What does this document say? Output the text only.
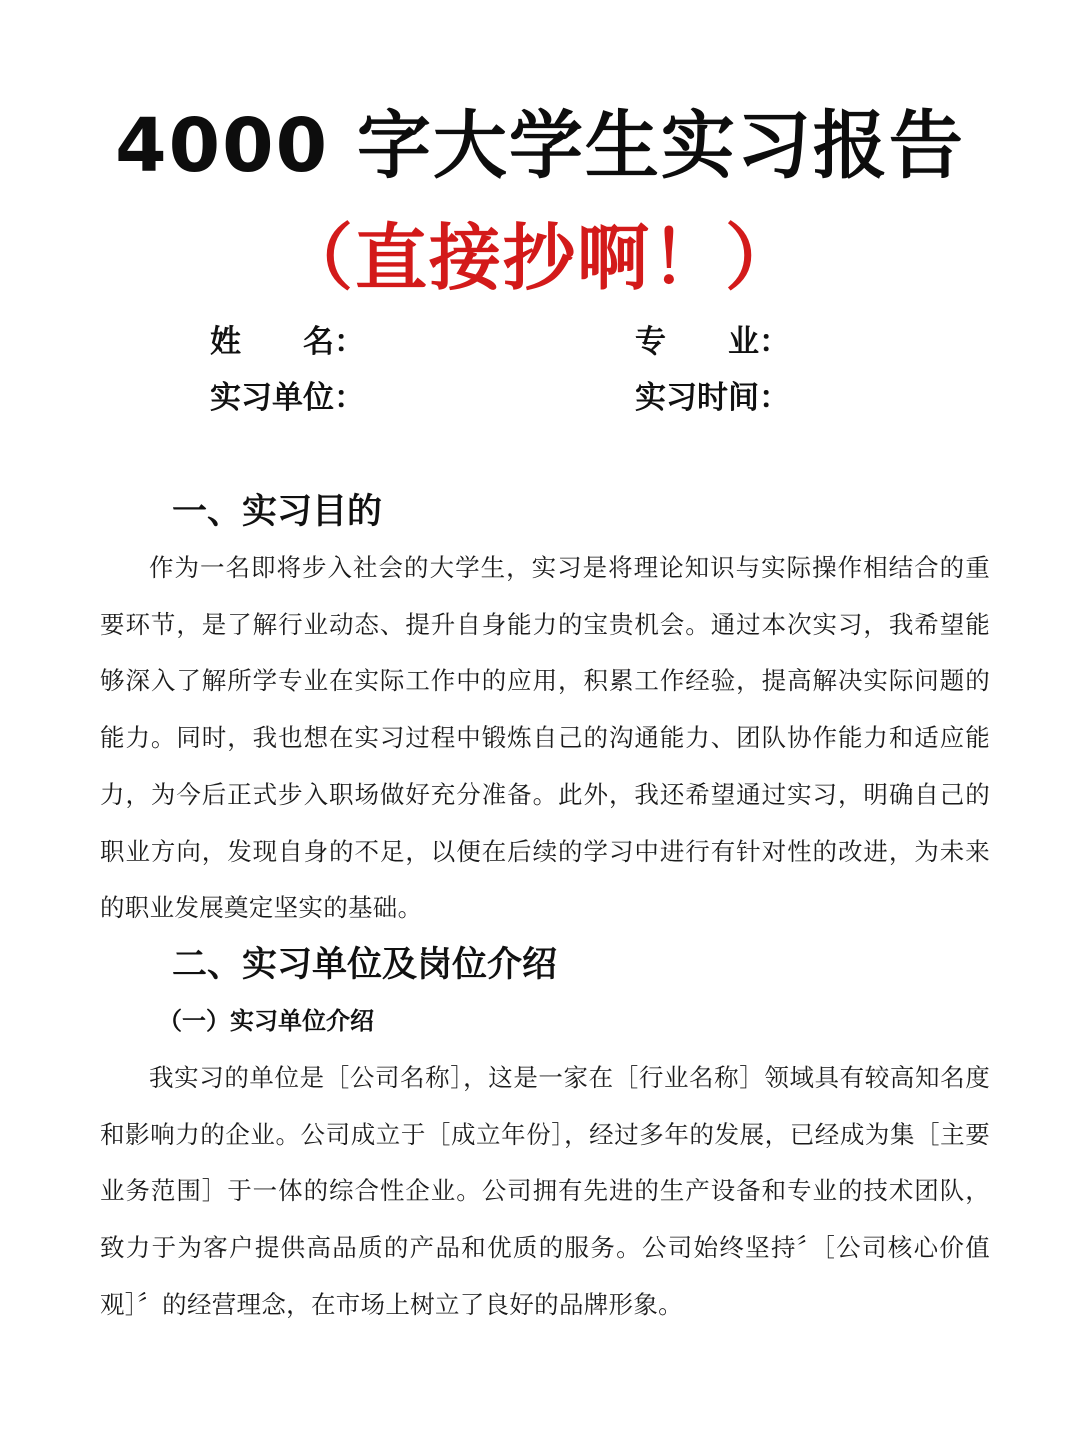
4000 字大学生实习报告
（直接抄啊！）
姓　　名：	专　　业：
实习单位：	实习时间：
一、实习目的

作为一名即将步入社会的大学生，实习是将理论知识与实际操作相结合的重要环节，是了解行业动态、提升自身能力的宝贵机会。通过本次实习，我希望能够深入了解所学专业在实际工作中的应用，积累工作经验，提高解决实际问题的能力。同时，我也想在实习过程中锻炼自己的沟通能力、团队协作能力和适应能力，为今后正式步入职场做好充分准备。此外，我还希望通过实习，明确自己的职业方向，发现自身的不足，以便在后续的学习中进行有针对性的改进，为未来的职业发展奠定坚实的基础。

二、实习单位及岗位介绍
（一）实习单位介绍

我实习的单位是［公司名称］，这是一家在［行业名称］领域具有较高知名度和影响力的企业。公司成立于［成立年份］，经过多年的发展，已经成为集［主要业务范围］于一体的综合性企业。公司拥有先进的生产设备和专业的技术团队，致力于为客户提供高品质的产品和优质的服务。公司始终坚持〞［公司核心价值观］〞的经营理念，在市场上树立了良好的品牌形象。
